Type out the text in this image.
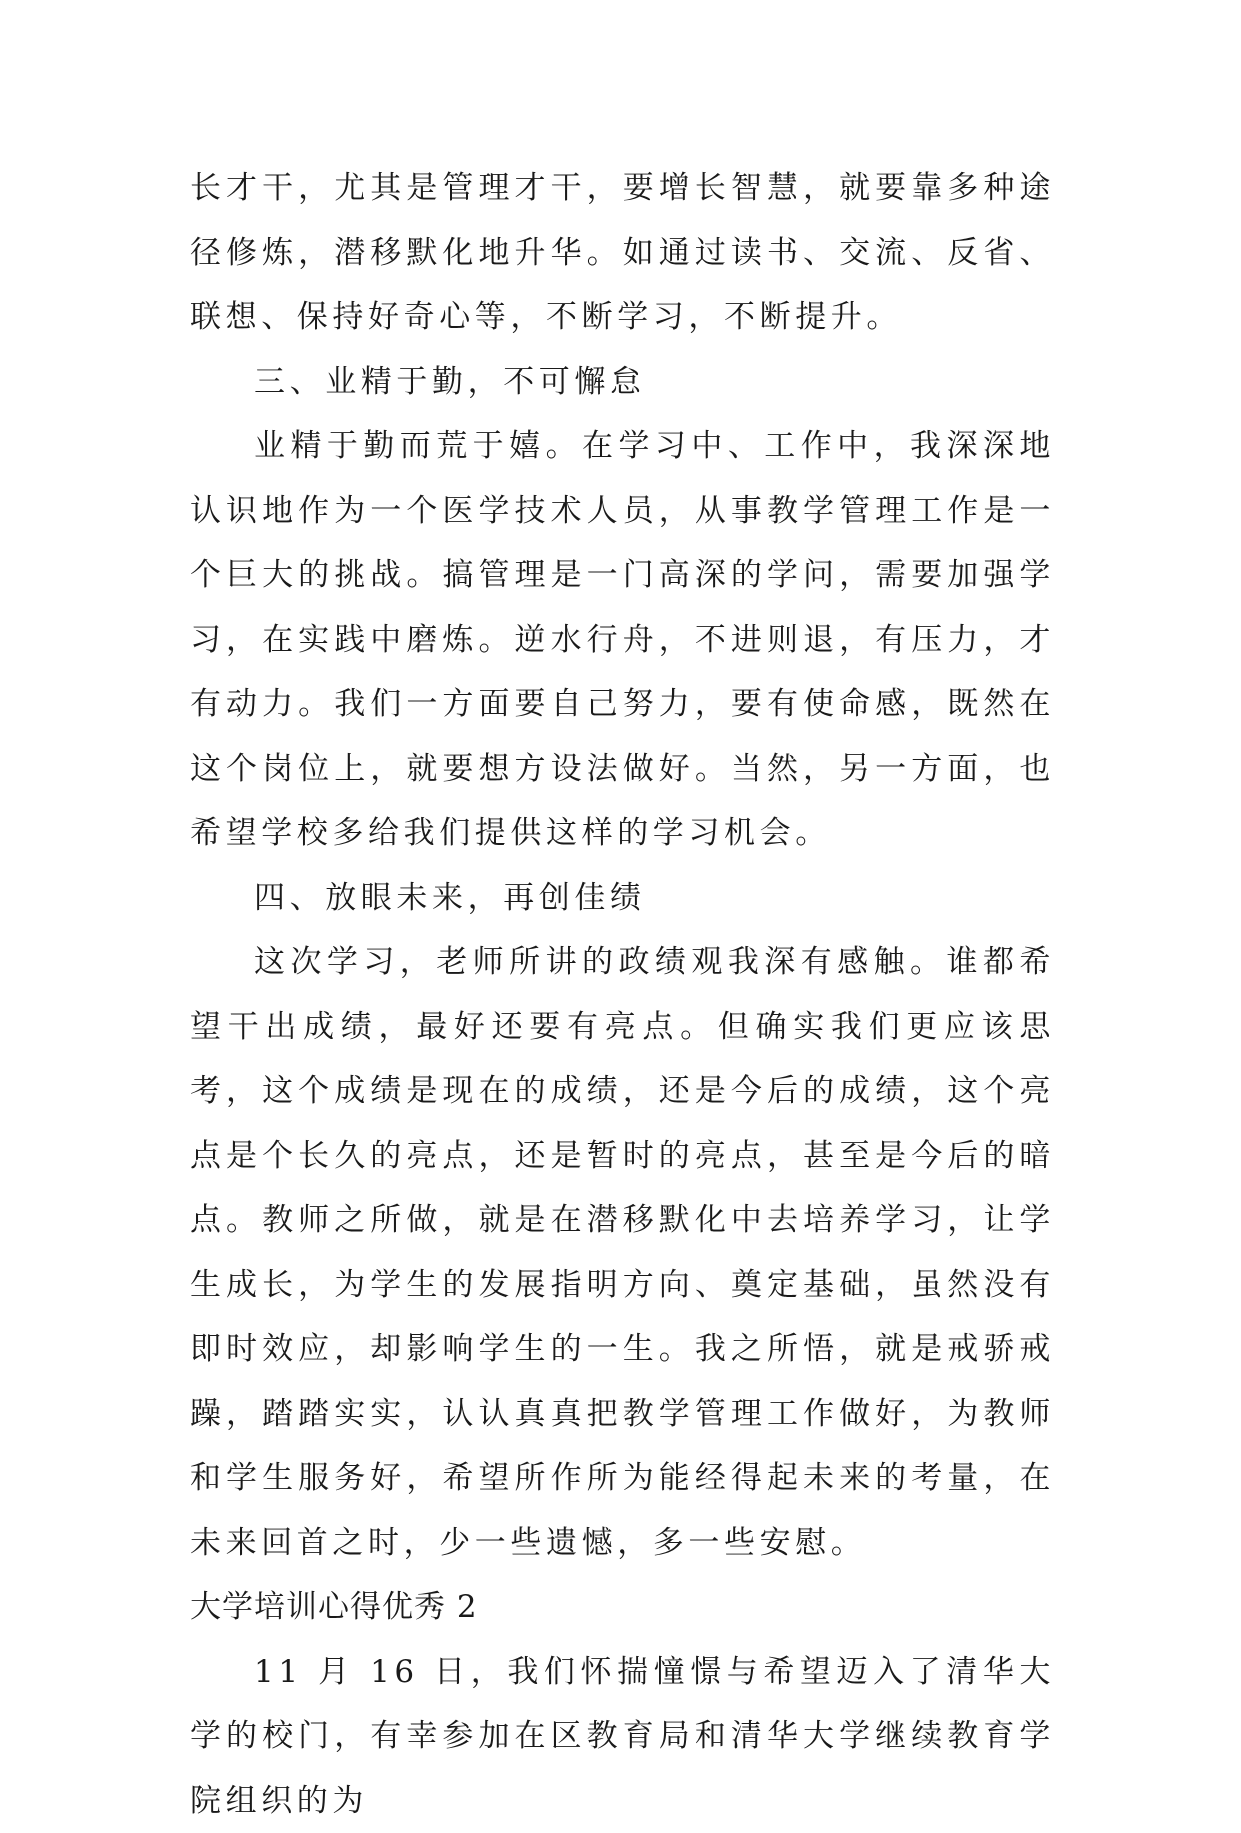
长才干，尤其是管理才干，要增长智慧，就要靠多种途径修炼，潜移默化地升华。如通过读书、交流、反省、联想、保持好奇心等，不断学习，不断提升。

三、业精于勤，不可懈怠

业精于勤而荒于嬉。在学习中、工作中，我深深地认识地作为一个医学技术人员，从事教学管理工作是一个巨大的挑战。搞管理是一门高深的学问，需要加强学习，在实践中磨炼。逆水行舟，不进则退，有压力，才有动力。我们一方面要自己努力，要有使命感，既然在这个岗位上，就要想方设法做好。当然，另一方面，也希望学校多给我们提供这样的学习机会。

四、放眼未来，再创佳绩

这次学习，老师所讲的政绩观我深有感触。谁都希望干出成绩，最好还要有亮点。但确实我们更应该思考，这个成绩是现在的成绩，还是今后的成绩，这个亮点是个长久的亮点，还是暂时的亮点，甚至是今后的暗点。教师之所做，就是在潜移默化中去培养学习，让学生成长，为学生的发展指明方向、奠定基础，虽然没有即时效应，却影响学生的一生。我之所悟，就是戒骄戒躁，踏踏实实，认认真真把教学管理工作做好，为教师和学生服务好，希望所作所为能经得起未来的考量，在未来回首之时，少一些遗憾，多一些安慰。

大学培训心得优秀 2

11 月 16 日，我们怀揣憧憬与希望迈入了清华大学的校门，有幸参加在区教育局和清华大学继续教育学院组织的为
